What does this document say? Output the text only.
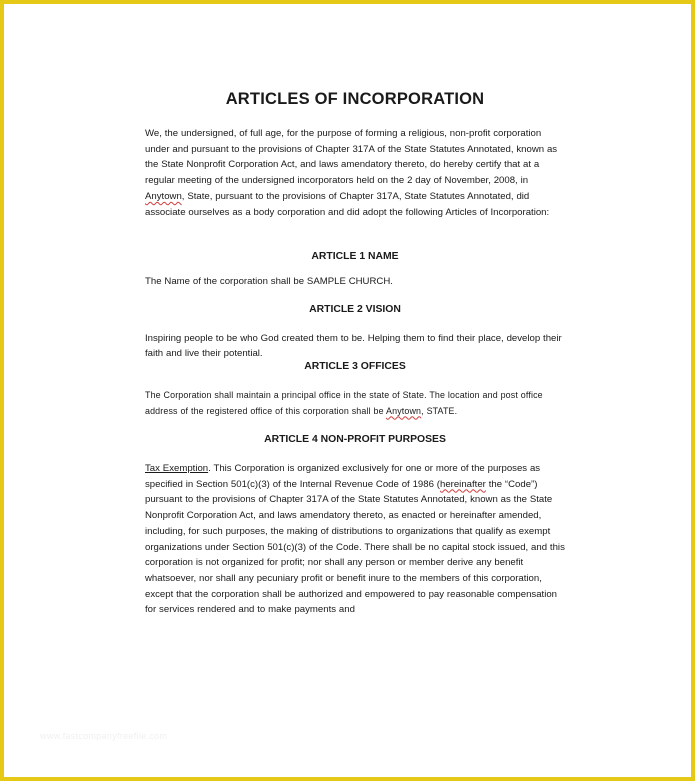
ARTICLES OF INCORPORATION

We, the undersigned, of full age, for the purpose of forming a religious, non-profit corporation under and pursuant to the provisions of Chapter 317A of the State Statutes Annotated, known as the State Nonprofit Corporation Act, and laws amendatory thereto, do hereby certify that at a regular meeting of the undersigned incorporators held on the 2 day of November, 2008, in Anytown, State, pursuant to the provisions of Chapter 317A, State Statutes Annotated, did associate ourselves as a body corporation and did adopt the following Articles of Incorporation:

ARTICLE 1 NAME

The Name of the corporation shall be SAMPLE CHURCH.

ARTICLE 2 VISION

Inspiring people to be who God created them to be. Helping them to find their place, develop their faith and live their potential.

ARTICLE 3 OFFICES

The Corporation shall maintain a principal office in the state of State. The location and post office address of the registered office of this corporation shall be Anytown, STATE.

ARTICLE 4 NON-PROFIT PURPOSES

Tax Exemption. This Corporation is organized exclusively for one or more of the purposes as specified in Section 501(c)(3) of the Internal Revenue Code of 1986 (hereinafter the “Code”) pursuant to the provisions of Chapter 317A of the State Statutes Annotated, known as the State Nonprofit Corporation Act, and laws amendatory thereto, as enacted or hereinafter amended, including, for such purposes, the making of distributions to organizations that qualify as exempt organizations under Section 501(c)(3) of the Code. There shall be no capital stock issued, and this corporation is not organized for profit; nor shall any person or member derive any benefit whatsoever, nor shall any pecuniary profit or benefit inure to the members of this corporation, except that the corporation shall be authorized and empowered to pay reasonable compensation for services rendered and to make payments and

www.fastcompanyfreefile.com
